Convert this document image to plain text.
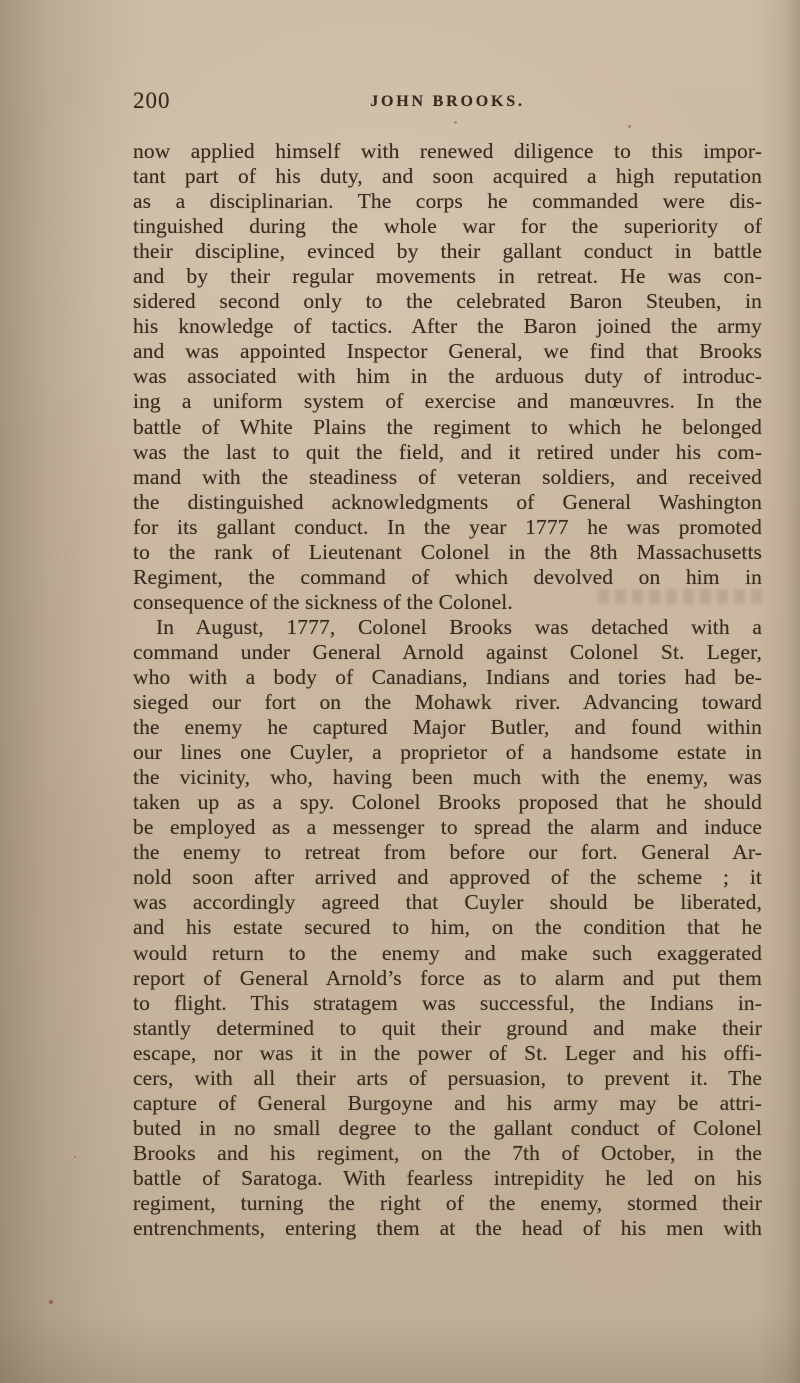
200	JOHN BROOKS.
now applied himself with renewed diligence to this impor-
tant part of his duty, and soon acquired a high reputation
as a disciplinarian. The corps he commanded were dis-
tinguished during the whole war for the superiority of
their discipline, evinced by their gallant conduct in battle
and by their regular movements in retreat. He was con-
sidered second only to the celebrated Baron Steuben, in
his knowledge of tactics. After the Baron joined the army
and was appointed Inspector General, we find that Brooks
was associated with him in the arduous duty of introduc-
ing a uniform system of exercise and manœuvres. In the
battle of White Plains the regiment to which he belonged
was the last to quit the field, and it retired under his com-
mand with the steadiness of veteran soldiers, and received
the distinguished acknowledgments of General Washington
for its gallant conduct. In the year 1777 he was promoted
to the rank of Lieutenant Colonel in the 8th Massachusetts
Regiment, the command of which devolved on him in
consequence of the sickness of the Colonel.
In August, 1777, Colonel Brooks was detached with a
command under General Arnold against Colonel St. Leger,
who with a body of Canadians, Indians and tories had be-
sieged our fort on the Mohawk river. Advancing toward
the enemy he captured Major Butler, and found within
our lines one Cuyler, a proprietor of a handsome estate in
the vicinity, who, having been much with the enemy, was
taken up as a spy. Colonel Brooks proposed that he should
be employed as a messenger to spread the alarm and induce
the enemy to retreat from before our fort. General Ar-
nold soon after arrived and approved of the scheme ; it
was accordingly agreed that Cuyler should be liberated,
and his estate secured to him, on the condition that he
would return to the enemy and make such exaggerated
report of General Arnold’s force as to alarm and put them
to flight. This stratagem was successful, the Indians in-
stantly determined to quit their ground and make their
escape, nor was it in the power of St. Leger and his offi-
cers, with all their arts of persuasion, to prevent it. The
capture of General Burgoyne and his army may be attri-
buted in no small degree to the gallant conduct of Colonel
Brooks and his regiment, on the 7th of October, in the
battle of Saratoga. With fearless intrepidity he led on his
regiment, turning the right of the enemy, stormed their
entrenchments, entering them at the head of his men with
